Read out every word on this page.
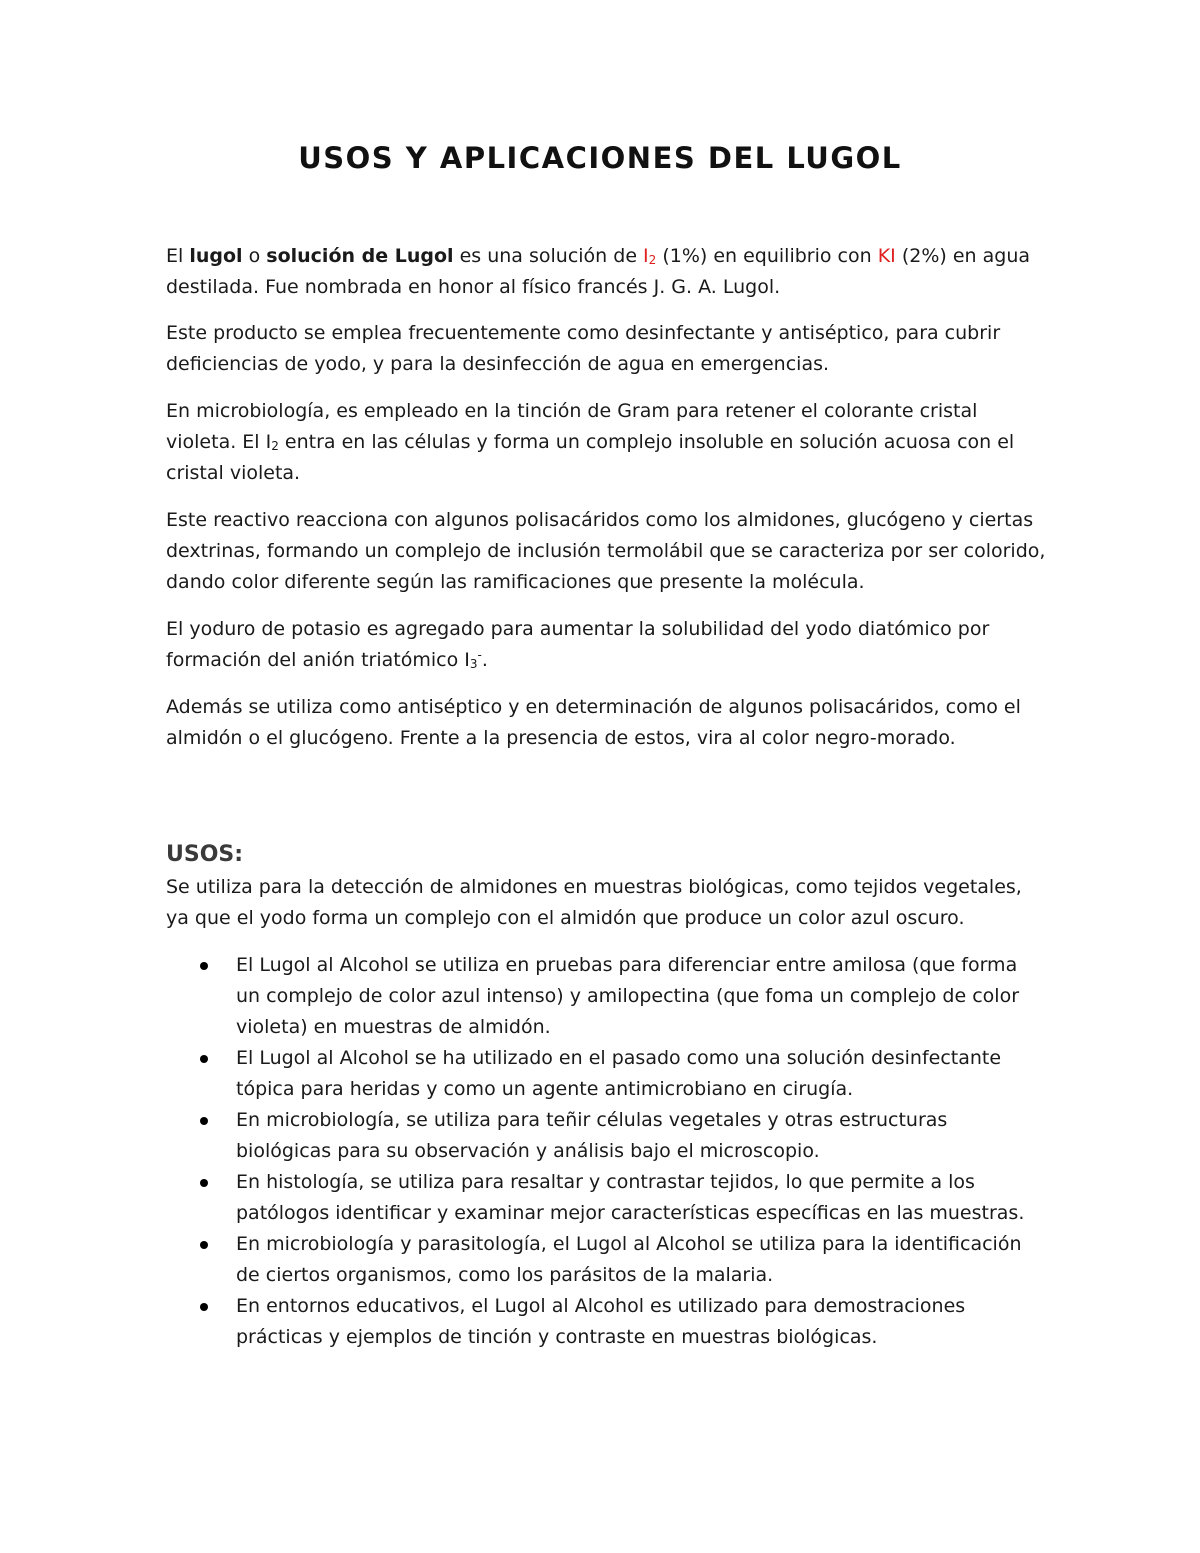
USOS Y APLICACIONES DEL LUGOL

El lugol o solución de Lugol es una solución de $I_2$ (1%) en equilibrio con KI (2%) en agua destilada. Fue nombrada en honor al físico francés J. G. A. Lugol.

Este producto se emplea frecuentemente como desinfectante y antiséptico, para cubrir deficiencias de yodo, y para la desinfección de agua en emergencias.

En microbiología, es empleado en la tinción de Gram para retener el colorante cristal violeta. El $I_2$ entra en las células y forma un complejo insoluble en solución acuosa con el cristal violeta.

Este reactivo reacciona con algunos polisacáridos como los almidones, glucógeno y ciertas dextrinas, formando un complejo de inclusión termolábil que se caracteriza por ser colorido, dando color diferente según las ramificaciones que presente la molécula.

El yoduro de potasio es agregado para aumentar la solubilidad del yodo diatómico por formación del anión triatómico $I_3^-$.

Además se utiliza como antiséptico y en determinación de algunos polisacáridos, como el almidón o el glucógeno. Frente a la presencia de estos, vira al color negro-morado.

USOS:

Se utiliza para la detección de almidones en muestras biológicas, como tejidos vegetales, ya que el yodo forma un complejo con el almidón que produce un color azul oscuro.

El Lugol al Alcohol se utiliza en pruebas para diferenciar entre amilosa (que forma un complejo de color azul intenso) y amilopectina (que foma un complejo de color violeta) en muestras de almidón.
El Lugol al Alcohol se ha utilizado en el pasado como una solución desinfectante tópica para heridas y como un agente antimicrobiano en cirugía.
En microbiología, se utiliza para teñir células vegetales y otras estructuras biológicas para su observación y análisis bajo el microscopio.
En histología, se utiliza para resaltar y contrastar tejidos, lo que permite a los patólogos identificar y examinar mejor características específicas en las muestras.
En microbiología y parasitología, el Lugol al Alcohol se utiliza para la identificación de ciertos organismos, como los parásitos de la malaria.
En entornos educativos, el Lugol al Alcohol es utilizado para demostraciones prácticas y ejemplos de tinción y contraste en muestras biológicas.
